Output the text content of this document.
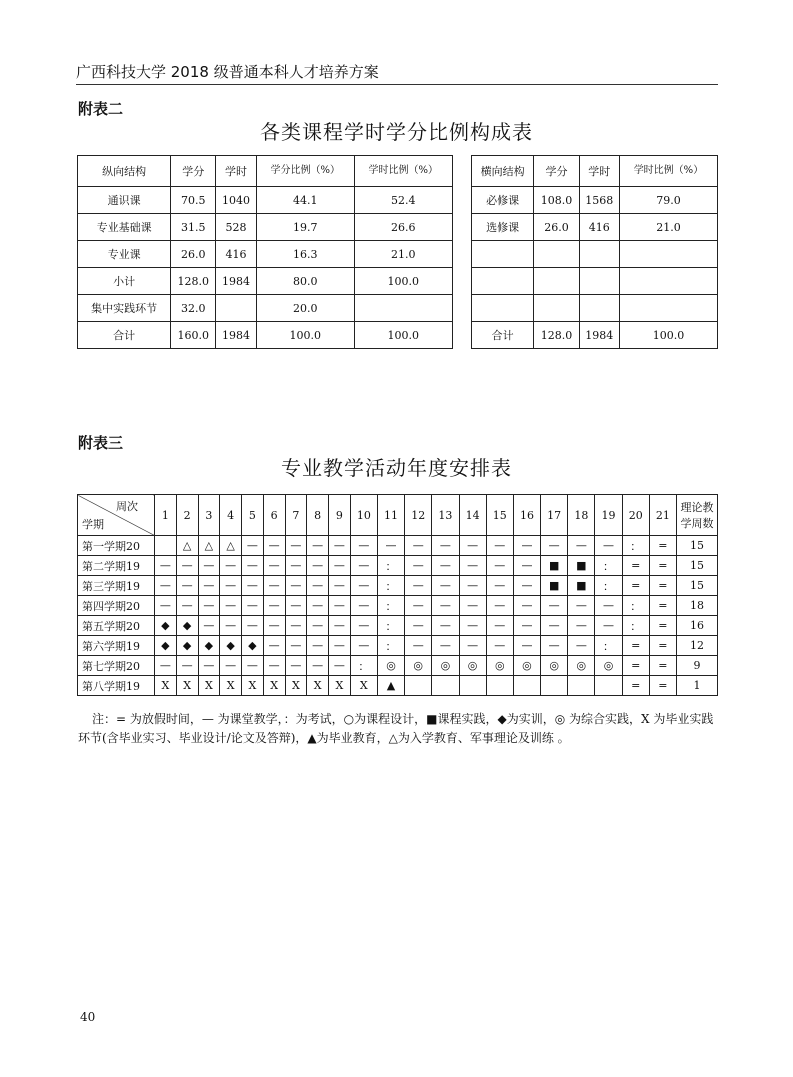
广西科技大学 2018 级普通本科人才培养方案
附表二
各类课程学时学分比例构成表
纵向结构	学分	学时	学分比例（%）	学时比例（%）		横向结构	学分	学时	学时比例（%）
通识课	70.5	1040	44.1	52.4		必修课	108.0	1568	79.0
专业基础课	31.5	528	19.7	26.6		选修课	26.0	416	21.0
专业课	26.0	416	16.3	21.0					
小计	128.0	1984	80.0	100.0					
集中实践环节	32.0		20.0						
合计	160.0	1984	100.0	100.0		合计	128.0	1984	100.0
附表三
专业教学活动年度安排表
周次
学期	1	2	3	4	5	6	7	8	9	10	11	12	13	14	15	16	17	18	19	20	21	理论教学周数
第一学期20		△	△	△	—	—	—	—	—	—	—	—	—	—	—	—	—	—	—	：	=	15
第二学期19	—	—	—	—	—	—	—	—	—	—	：	—	—	—	—	—	■	■	：	=	=	15
第三学期19	—	—	—	—	—	—	—	—	—	—	：	—	—	—	—	—	■	■	：	=	=	15
第四学期20	—	—	—	—	—	—	—	—	—	—	：	—	—	—	—	—	—	—	—	：	=	18
第五学期20	◆	◆	—	—	—	—	—	—	—	—	：	—	—	—	—	—	—	—	—	：	=	16
第六学期19	◆	◆	◆	◆	◆	—	—	—	—	—	：	—	—	—	—	—	—	—	：	=	=	12
第七学期20	—	—	—	—	—	—	—	—	—	：	◎	◎	◎	◎	◎	◎	◎	◎	◎	=	=	9
第八学期19	X	X	X	X	X	X	X	X	X	X	▲									=	=	1
注：= 为放假时间，— 为课堂教学，：为考试，○为课程设计，■课程实践，◆为实训，◎ 为综合实践，X 为毕业实践环节(含毕业实习、毕业设计/论文及答辩)，▲为毕业教育，△为入学教育、军事理论及训练 。
40
